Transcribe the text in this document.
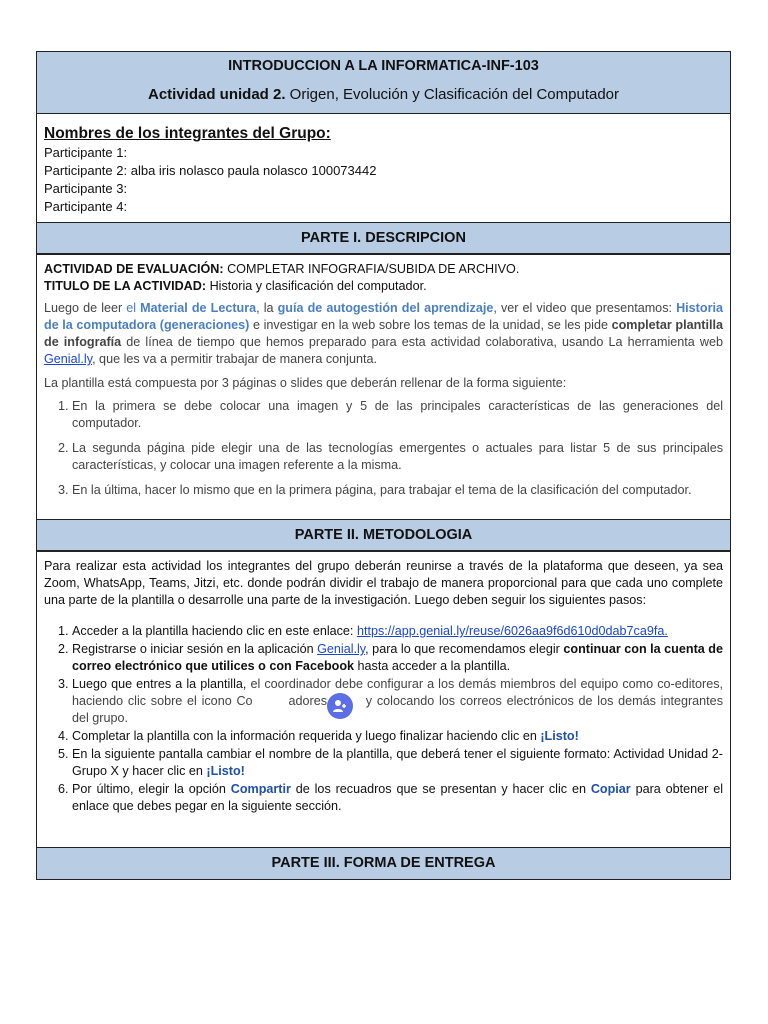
INTRODUCCION A LA INFORMATICA-INF-103
Actividad unidad 2. Origen, Evolución y Clasificación del Computador
Nombres de los integrantes del Grupo:
Participante 1:
Participante 2: alba iris nolasco paula nolasco 100073442
Participante 3:
Participante 4:
PARTE I. DESCRIPCION

ACTIVIDAD DE EVALUACIÓN: COMPLETAR INFOGRAFIA/SUBIDA DE ARCHIVO.

TITULO DE LA ACTIVIDAD: Historia y clasificación del computador.

Luego de leer el Material de Lectura, la guía de autogestión del aprendizaje, ver el video que presentamos: Historia de la computadora (generaciones) e investigar en la web sobre los temas de la unidad, se les pide completar plantilla de infografía de línea de tiempo que hemos preparado para esta actividad colaborativa, usando La herramienta web Genial.ly, que les va a permitir trabajar de manera conjunta.

La plantilla está compuesta por 3 páginas o slides que deberán rellenar de la forma siguiente:

1. En la primera se debe colocar una imagen y 5 de las principales características de las generaciones del computador.
2. La segunda página pide elegir una de las tecnologías emergentes o actuales para listar 5 de sus principales características, y colocar una imagen referente a la misma.
3. En la última, hacer lo mismo que en la primera página, para trabajar el tema de la clasificación del computador.
PARTE II. METODOLOGIA

Para realizar esta actividad los integrantes del grupo deberán reunirse a través de la plataforma que deseen, ya sea Zoom, WhatsApp, Teams, Jitzi, etc. donde podrán dividir el trabajo de manera proporcional para que cada uno complete una parte de la plantilla o desarrolle una parte de la investigación. Luego deben seguir los siguientes pasos:

1. Acceder a la plantilla haciendo clic en este enlace: https://app.genial.ly/reuse/6026aa9f6d610d0dab7ca9fa.
2. Registrarse o iniciar sesión en la aplicación Genial.ly, para lo que recomendamos elegir continuar con la cuenta de correo electrónico que utilices o con Facebook hasta acceder a la plantilla.
3. Luego que entres a la plantilla, el coordinador debe configurar a los demás miembros del equipo como co-editores, haciendo clic sobre el icono Co	adores	y colocando los correos electrónicos de los demás integrantes del grupo.
4. Completar la plantilla con la información requerida y luego finalizar haciendo clic en ¡Listo!
5. En la siguiente pantalla cambiar el nombre de la plantilla, que deberá tener el siguiente formato: Actividad Unidad 2-Grupo X y hacer clic en ¡Listo!
6. Por último, elegir la opción Compartir de los recuadros que se presentan y hacer clic en Copiar para obtener el enlace que debes pegar en la siguiente sección.
PARTE III. FORMA DE ENTREGA
